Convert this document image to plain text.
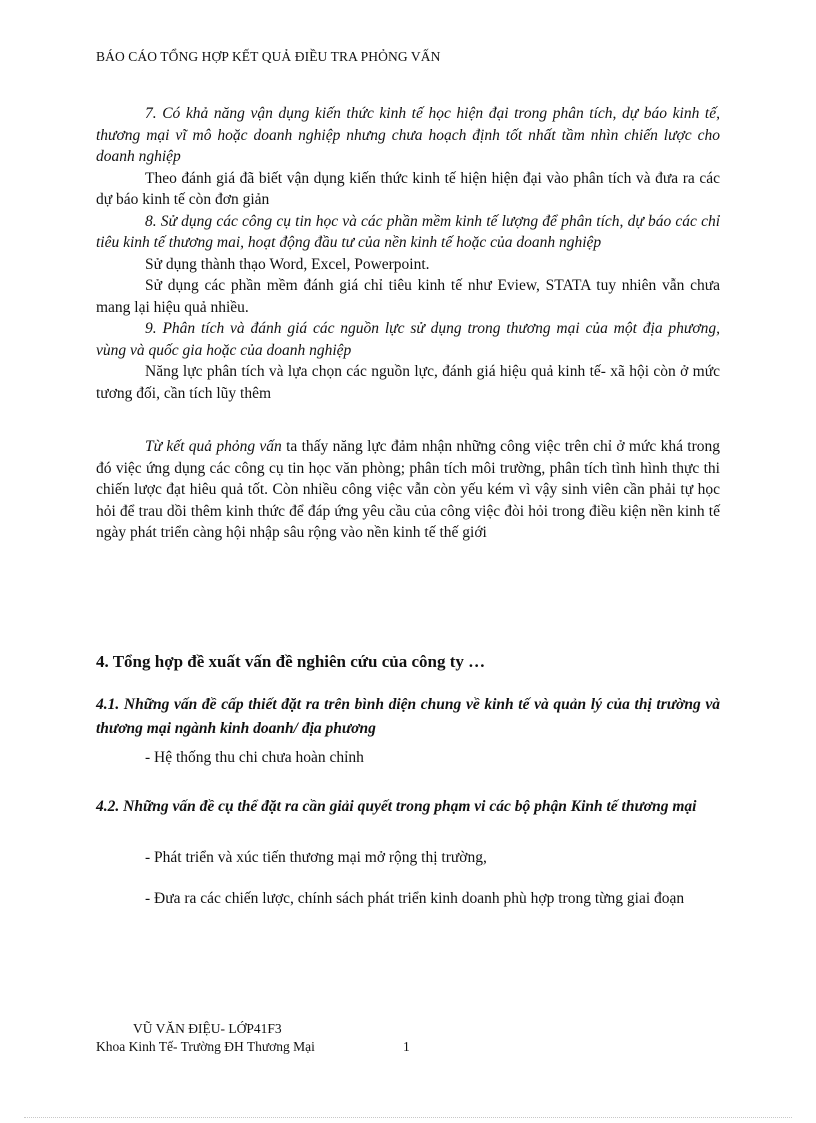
BÁO CÁO TỔNG HỢP KẾT QUẢ ĐIỀU TRA PHỎNG VẤN

7. Có khả năng vận dụng kiến thức kinh tế học hiện đại trong phân tích, dự báo kinh tế, thương mại vĩ mô hoặc doanh nghiệp nhưng chưa hoạch định tốt nhất tầm nhìn chiến lược cho doanh nghiệp

Theo đánh giá đã biết vận dụng kiến thức kinh tế hiện hiện đại vào phân tích và đưa ra các dự báo kinh tế còn đơn giản

8. Sử dụng các công cụ tin học và các phần mềm kinh tế lượng để phân tích, dự báo các chỉ tiêu kinh tế thương mai, hoạt động đầu tư của nền kinh tế hoặc của doanh nghiệp

Sử dụng thành thạo Word, Excel, Powerpoint.

Sử dụng các phần mềm đánh giá chỉ tiêu kinh tế như Eview, STATA tuy nhiên vẫn chưa mang lại hiệu quả nhiều.

9. Phân tích và đánh giá các nguồn lực sử dụng trong thương mại của một địa phương, vùng và quốc gia hoặc của doanh nghiệp

Năng lực phân tích và lựa chọn các nguồn lực, đánh giá hiệu quả kinh tế- xã hội còn ở mức tương đối, cần tích lũy thêm

Từ kết quả phỏng vấn ta thấy năng lực đảm nhận những công việc trên chỉ ở mức khá trong đó việc ứng dụng các công cụ tin học văn phòng; phân tích môi trường, phân tích tình hình thực thi chiến lược đạt hiêu quả tốt. Còn nhiều công việc vẫn còn yếu kém vì vậy sinh viên cần phải tự học hỏi để trau dồi thêm kinh thức để đáp ứng yêu cầu của công việc đòi hỏi trong điều kiện nền kinh tế ngày phát triển càng hội nhập sâu rộng vào nền kinh tế thế giới

4. Tổng hợp đề xuất vấn đề nghiên cứu của công ty …
4.1. Những vấn đề cấp thiết đặt ra trên bình diện chung về kinh tế và quản lý của thị trường và thương mại ngành kinh doanh/ địa phương
- Hệ thống thu chi chưa hoàn chỉnh
4.2. Những vấn đề cụ thể đặt ra cần giải quyết trong phạm vi các bộ phận Kinh tế thương mại
- Phát triển và xúc tiến thương mại mở rộng thị trường,
- Đưa ra các chiến lược, chính sách phát triển kinh doanh phù hợp trong từng giai đoạn
VŨ VĂN ĐIỆU- LỚP41F3
Khoa Kinh Tế- Trường ĐH Thương Mại	1
